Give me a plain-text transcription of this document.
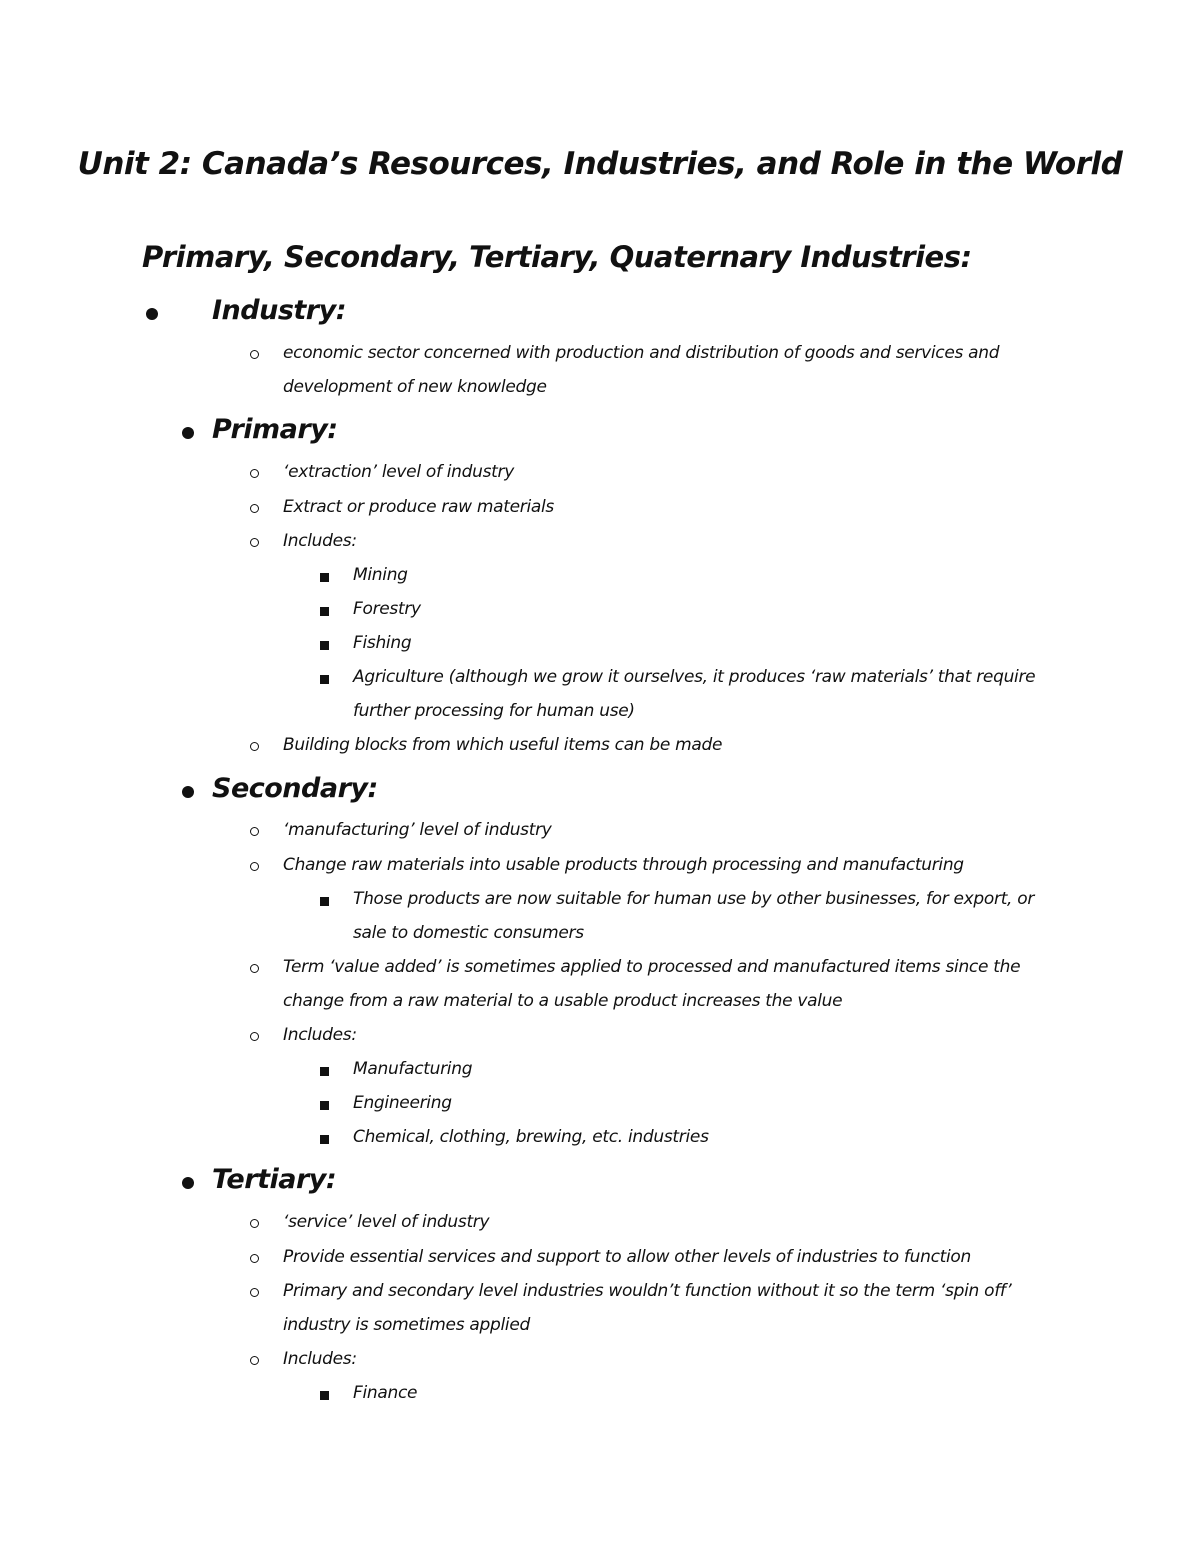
Unit 2: Canada’s Resources, Industries, and Role in the World
Primary, Secondary, Tertiary, Quaternary Industries:
Industry:
economic sector concerned with production and distribution of goods and services and
development of new knowledge
Primary:
‘extraction’ level of industry
Extract or produce raw materials
Includes:
Mining
Forestry
Fishing
Agriculture (although we grow it ourselves, it produces ‘raw materials’ that require
further processing for human use)
Building blocks from which useful items can be made
Secondary:
‘manufacturing’ level of industry
Change raw materials into usable products through processing and manufacturing
Those products are now suitable for human use by other businesses, for export, or
sale to domestic consumers
Term ‘value added’ is sometimes applied to processed and manufactured items since the
change from a raw material to a usable product increases the value
Includes:
Manufacturing
Engineering
Chemical, clothing, brewing, etc. industries
Tertiary:
‘service’ level of industry
Provide essential services and support to allow other levels of industries to function
Primary and secondary level industries wouldn’t function without it so the term ‘spin off’
industry is sometimes applied
Includes:
Finance
